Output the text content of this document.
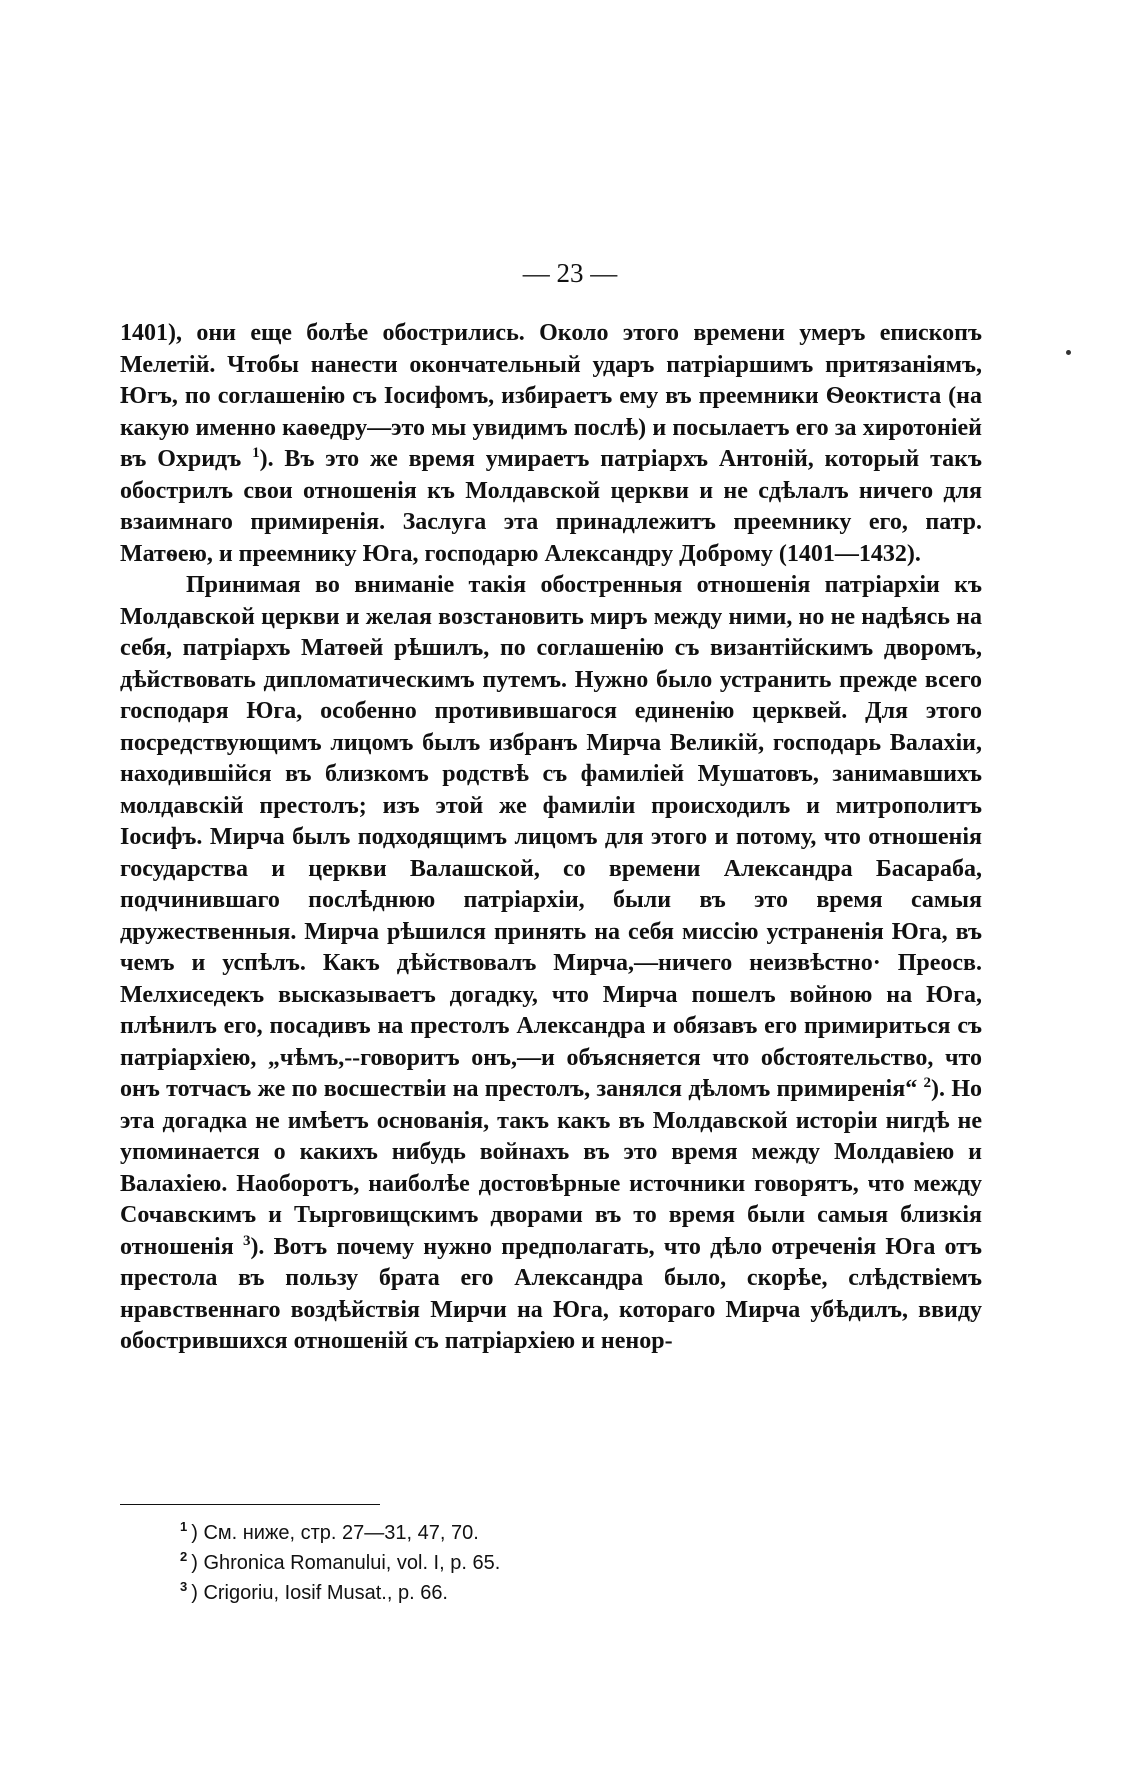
— 23 —

1401), они еще болѣе обострились. Около этого времени умеръ епископъ Мелетій. Чтобы нанести окончательный ударъ патріаршимъ притязаніямъ, Югъ, по соглашенію съ Іосифомъ, избираетъ ему въ преемники Ѳеоктиста (на какую именно каѳедру—это мы увидимъ послѣ) и посылаетъ его за хиротоніей въ Охридъ $^1$). Въ это же время умираетъ патріархъ Антоній, который такъ обострилъ свои отношенія къ Молдавской церкви и не сдѣлалъ ничего для взаимнаго примиренія. Заслуга эта принадлежитъ преемнику его, патр. Матѳею, и преемнику Юга, господарю Александру Доброму (1401—1432).

Принимая во вниманіе такія обостренныя отношенія патріархіи къ Молдавской церкви и желая возстановить миръ между ними, но не надѣясь на себя, патріархъ Матѳей рѣшилъ, по соглашенію съ византійскимъ дворомъ, дѣйствовать дипломатическимъ путемъ. Нужно было устранить прежде всего господаря Юга, особенно противившагося единенію церквей. Для этого посредствующимъ лицомъ былъ избранъ Мирча Великій, господарь Валахіи, находившійся въ близкомъ родствѣ съ фамиліей Мушатовъ, занимавшихъ молдавскій престолъ; изъ этой же фамиліи происходилъ и митрополитъ Іосифъ. Мирча былъ подходящимъ лицомъ для этого и потому, что отношенія государства и церкви Валашской, со времени Александра Басараба, подчинившаго послѣднюю патріархіи, были въ это время самыя дружественныя. Мирча рѣшился принять на себя миссію устраненія Юга, въ чемъ и успѣлъ. Какъ дѣйствовалъ Мирча,—ничего неизвѣстно· Преосв. Мелхиседекъ высказываетъ догадку, что Мирча пошелъ войною на Юга, плѣнилъ его, посадивъ на престолъ Александра и обязавъ его примириться съ патріархіею, „чѣмъ,--говоритъ онъ,—и объясняется что обстоятельство, что онъ тотчасъ же по восшествіи на престолъ, занялся дѣломъ примиренія“ $^2$). Но эта догадка не имѣетъ основанія, такъ какъ въ Молдавской исторіи нигдѣ не упоминается о какихъ нибудь войнахъ въ это время между Молдавіею и Валахіею. Наоборотъ, наиболѣе достовѣрные источники говорятъ, что между Сочавскимъ и Тырговищскимъ дворами въ то время были самыя близкія отношенія $^3$). Вотъ почему нужно предполагать, что дѣло отреченія Юга отъ престола въ пользу брата его Александра было, скорѣе, слѣдствіемъ нравственнаго воздѣйствія Мирчи на Юга, котораго Мирча убѣдилъ, ввиду обострившихся отношеній съ патріархіею и ненор-

$^1$ ) См. ниже, стр. 27—31, 47, 70.
$^2$ ) Ghronica Romanului, vol. I, p. 65.
$^3$ ) Crigoriu, Iosif Musat., p. 66.
